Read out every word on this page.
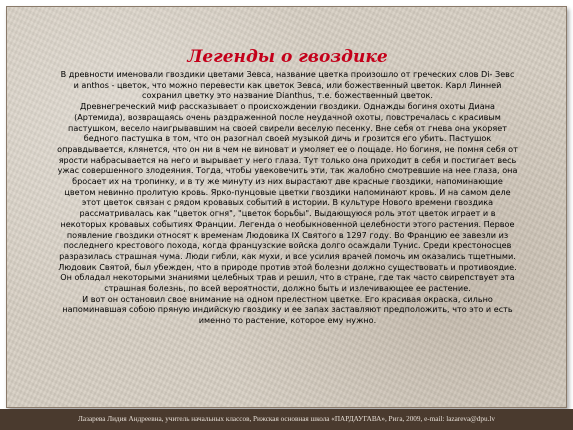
Легенды о гвоздике

В древности именовали гвоздики цветами Зевса, название цветка произошло от греческих слов Di- Зевс
и anthos - цветок, что можно перевести как цветок Зевса, или божественный цветок. Карл Линней
сохранил цветку это название Dianthus, т.е. божественный цветок.
Древнегреческий миф рассказывает о происхождении гвоздики. Однажды богиня охоты Диана
(Артемида), возвращаясь очень раздраженной после неудачной охоты, повстречалась с красивым
пастушком, весело наигрывавшим на своей свирели веселую песенку. Вне себя от гнева она укоряет
бедного пастушка в том, что он разогнал своей музыкой дичь и грозится его убить. Пастушок
оправдывается, клянется, что он ни в чем не виноват и умоляет ее о пощаде. Но богиня, не помня себя от
ярости набрасывается на него и вырывает у него глаза. Тут только она приходит в себя и постигает весь
ужас совершенного злодеяния. Тогда, чтобы увековечить эти, так жалобно смотревшие на нее глаза, она
бросает их на тропинку, и в ту же минуту из них вырастают две красные гвоздики, напоминающие
цветом невинно пролитую кровь. Ярко-пунцовые цветки гвоздики напоминают кровь. И на самом деле
этот цветок связан с рядом кровавых событий в истории. В культуре Нового времени гвоздика
рассматривалась как "цветок огня", "цветок борьбы". Выдающуюся роль этот цветок играет и в
некоторых кровавых событиях Франции. Легенда о необыкновенной целебности этого растения. Первое
появление гвоздики относят к временам Людовика IX Святого в 1297 году. Во Францию ее завезли из
последнего крестового похода, когда французские войска долго осаждали Тунис. Среди крестоносцев
разразилась страшная чума. Люди гибли, как мухи, и все усилия врачей помочь им оказались тщетными.
Людовик Святой, был убежден, что в природе против этой болезни должно существовать и противоядие.
Он обладал некоторыми знаниями целебных трав и решил, что в стране, где так часто свирепствует эта
страшная болезнь, по всей вероятности, должно быть и излечивающее ее растение.
И вот он остановил свое внимание на одном прелестном цветке. Его красивая окраска, сильно
напоминавшая собою пряную индийскую гвоздику и ее запах заставляют предположить, что это и есть
именно то растение, которое ему нужно.

Лазарева Лидия Андреевна, учитель начальных классов, Рижская основная школа «ПАРДАУГАВА», Рига, 2009, e-mail: lazareva@dpu.lv
